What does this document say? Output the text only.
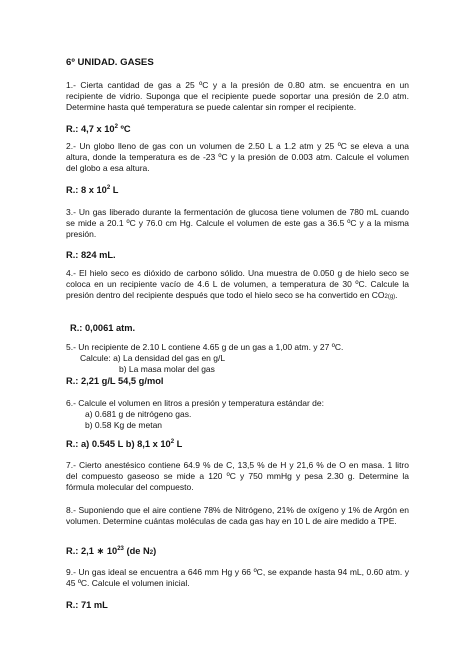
6º UNIDAD. GASES

1.- Cierta cantidad de gas a 25 ºC y a la presión de 0.80 atm. se encuentra en un recipiente de vidrio. Suponga que el recipiente puede soportar una presión de 2.0 atm. Determine hasta qué temperatura se puede calentar sin romper el recipiente.

R.: 4,7 x $10^2$ ºC

2.- Un globo lleno de gas con un volumen de 2.50 L a 1.2 atm y 25 ºC se eleva a una altura, donde la temperatura es de -23 ºC y la presión de 0.003 atm. Calcule el volumen del globo a esa altura.

R.: 8 x $10^2$ L

3.- Un gas liberado durante la fermentación de glucosa tiene volumen de 780 mL cuando se mide a 20.1 ºC y 76.0 cm Hg. Calcule el volumen de este gas a 36.5 ºC y a la misma presión.

R.: 824 mL.

4.- El hielo seco es dióxido de carbono sólido. Una muestra de 0.050 g de hielo seco se coloca en un recipiente vacío de 4.6 L de volumen, a temperatura de 30 ºC. Calcule la presión dentro del recipiente después que todo el hielo seco se ha convertido en CO2(g).

R.: 0,0061 atm.
5.- Un recipiente de 2.10 L contiene 4.65 g de un gas a 1,00 atm. y 27 ºC.
Calcule: a) La densidad del gas en g/L
b) La masa molar del gas
R.: 2,21 g/L 54,5 g/mol
6.- Calcule el volumen en litros a presión y temperatura estándar de:
a) 0.681 g de nitrógeno gas.
b) 0.58 Kg de metan
R.: a) 0.545 L b) 8,1 x $10^2$ L

7.- Cierto anestésico contiene 64.9 % de C, 13,5 % de H y 21,6 % de O en masa. 1 litro del compuesto gaseoso se mide a 120 ºC y 750 mmHg y pesa 2.30 g. Determine la fórmula molecular del compuesto.

8.- Suponiendo que el aire contiene 78% de Nitrógeno, 21% de oxígeno y 1% de Argón en volumen. Determine cuántas moléculas de cada gas hay en 10 L de aire medido a TPE.

R.: 2,1 ∗ $10^{23}$ (de N2)

9.- Un gas ideal se encuentra a 646 mm Hg y 66 ºC, se expande hasta 94 mL, 0.60 atm. y 45 ºC. Calcule el volumen inicial.

R.: 71 mL
